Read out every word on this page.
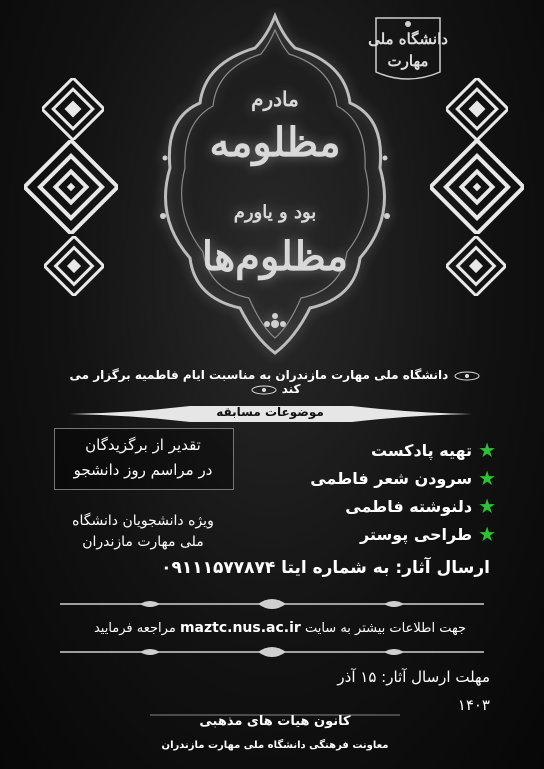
دانشگاه ملی
مهارت
مادرم
مظلومه
بود و یاورم
مظلوم‌ها
دانشگاه ملی مهارت مازندران به مناسبت ایام فاطمیه برگزار می کند
موضوعات مسابقه
تقدیر از برگزیدگان
در مراسم روز دانشجو
ویژه دانشجویان دانشگاه
ملی مهارت مازندران
★
تهیه پادکست
★
سرودن شعر فاطمی
★
دلنوشته فاطمی
★
طراحی پوستر
ارسال آثار: به شماره ایتا ۰۹۱۱۱۵۷۷۸۷۴
جهت اطلاعات بیشتر به سایت maztc.nus.ac.ir مراجعه فرمایید
مهلت ارسال آثار: ۱۵ آذر
۱۴۰۳
کانون هیات های مذهبی
معاونت فرهنگی دانشگاه ملی مهارت مازندران
